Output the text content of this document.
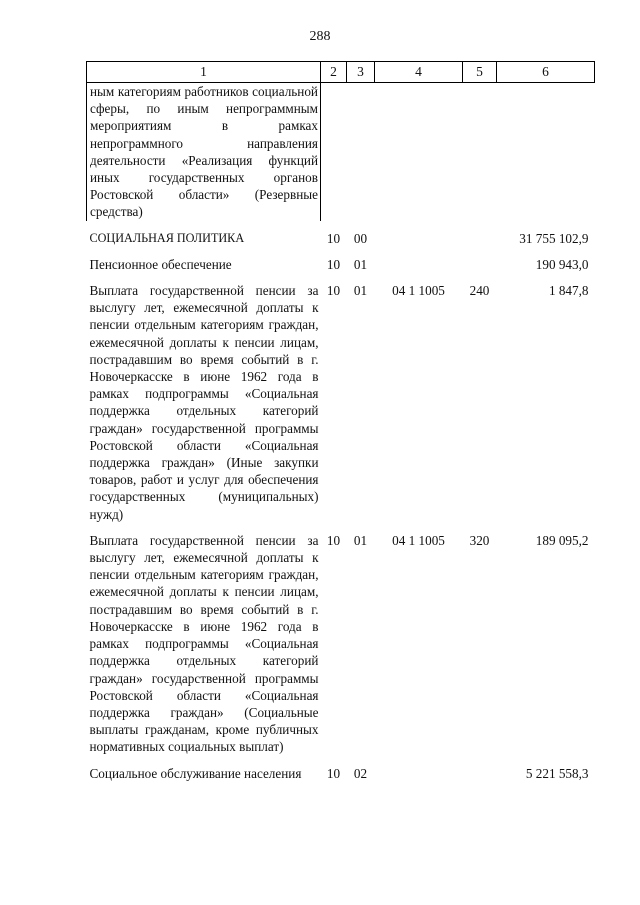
288
1	2	3	4	5	6
ным категориям работников социальной сферы, по иным непрограммным мероприятиям в рамках непрограммного направления деятельности «Реализация функций иных государственных органов Ростовской области» (Резервные средства)					
СОЦИАЛЬНАЯ ПОЛИТИКА	10	00			31 755 102,9
Пенсионное обеспечение	10	01			190 943,0
Выплата государственной пенсии за выслугу лет, ежемесячной доплаты к пенсии отдельным категориям граждан, ежемесячной доплаты к пенсии лицам, пострадавшим во время событий в г. Новочеркасске в июне 1962 года в рамках подпрограммы «Социальная поддержка отдельных категорий граждан» государственной программы Ростовской области «Социальная поддержка граждан» (Иные закупки товаров, работ и услуг для обеспечения государственных (муниципальных) нужд)	10	01	04 1 1005	240	1 847,8
Выплата государственной пенсии за выслугу лет, ежемесячной доплаты к пенсии отдельным категориям граждан, ежемесячной доплаты к пенсии лицам, пострадавшим во время событий в г. Новочеркасске в июне 1962 года в рамках подпрограммы «Социальная поддержка отдельных категорий граждан» государственной программы Ростовской области «Социальная поддержка граждан» (Социальные выплаты гражданам, кроме публичных нормативных социальных выплат)	10	01	04 1 1005	320	189 095,2
Социальное обслуживание населения	10	02			5 221 558,3
